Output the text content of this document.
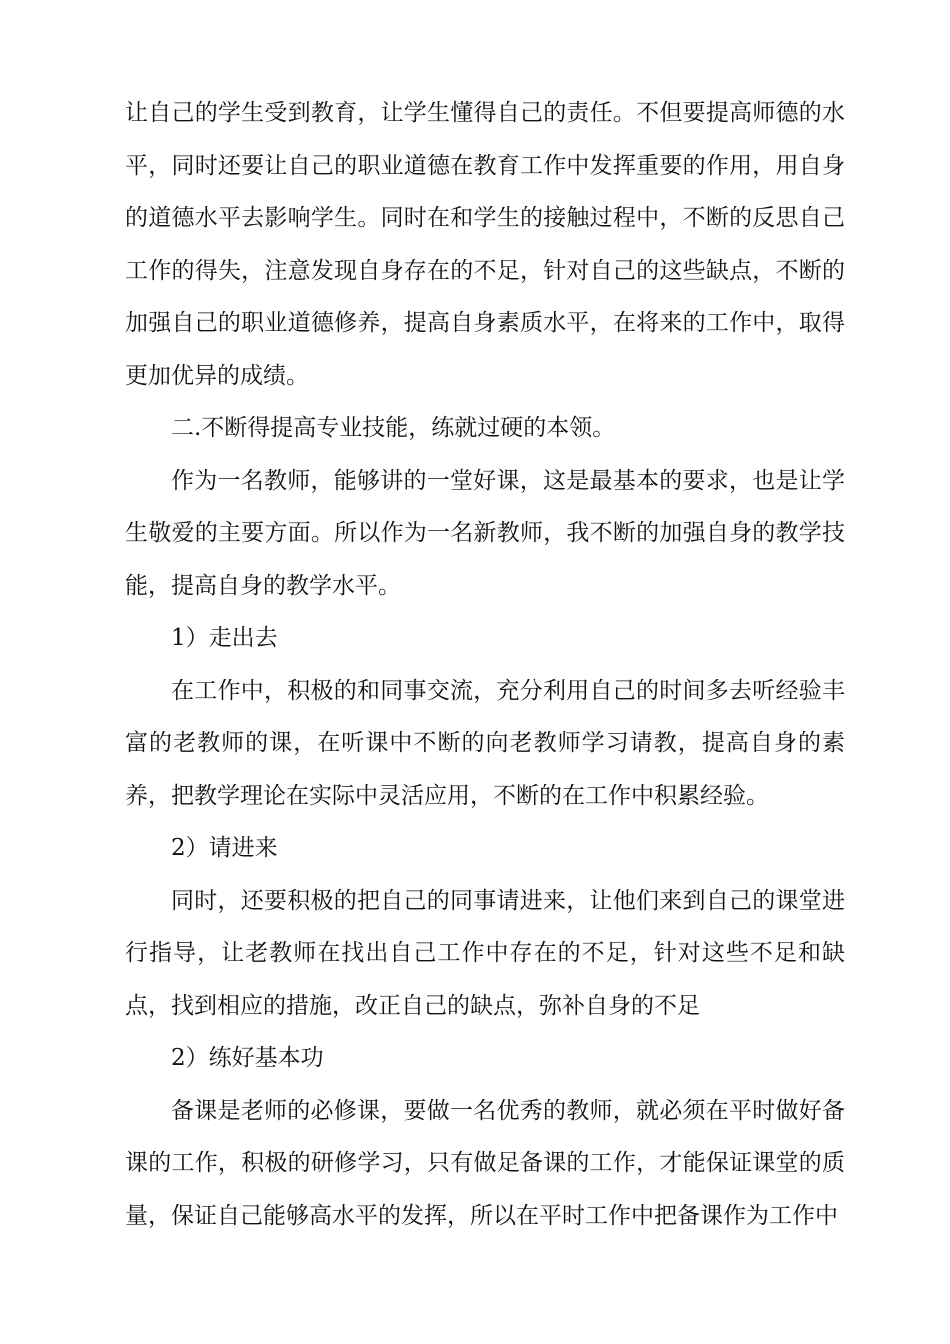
让自己的学生受到教育，让学生懂得自己的责任。不但要提高师德的水平，同时还要让自己的职业道德在教育工作中发挥重要的作用，用自身的道德水平去影响学生。同时在和学生的接触过程中，不断的反思自己工作的得失，注意发现自身存在的不足，针对自己的这些缺点，不断的加强自己的职业道德修养，提高自身素质水平，在将来的工作中，取得更加优异的成绩。

二.不断得提高专业技能，练就过硬的本领。

作为一名教师，能够讲的一堂好课，这是最基本的要求，也是让学生敬爱的主要方面。所以作为一名新教师，我不断的加强自身的教学技能，提高自身的教学水平。

1）走出去

在工作中，积极的和同事交流，充分利用自己的时间多去听经验丰富的老教师的课，在听课中不断的向老教师学习请教，提高自身的素养，把教学理论在实际中灵活应用，不断的在工作中积累经验。

2）请进来

同时，还要积极的把自己的同事请进来，让他们来到自己的课堂进行指导，让老教师在找出自己工作中存在的不足，针对这些不足和缺点，找到相应的措施，改正自己的缺点，弥补自身的不足

2）练好基本功

备课是老师的必修课，要做一名优秀的教师，就必须在平时做好备课的工作，积极的研修学习，只有做足备课的工作，才能保证课堂的质量，保证自己能够高水平的发挥，所以在平时工作中把备课作为工作中
